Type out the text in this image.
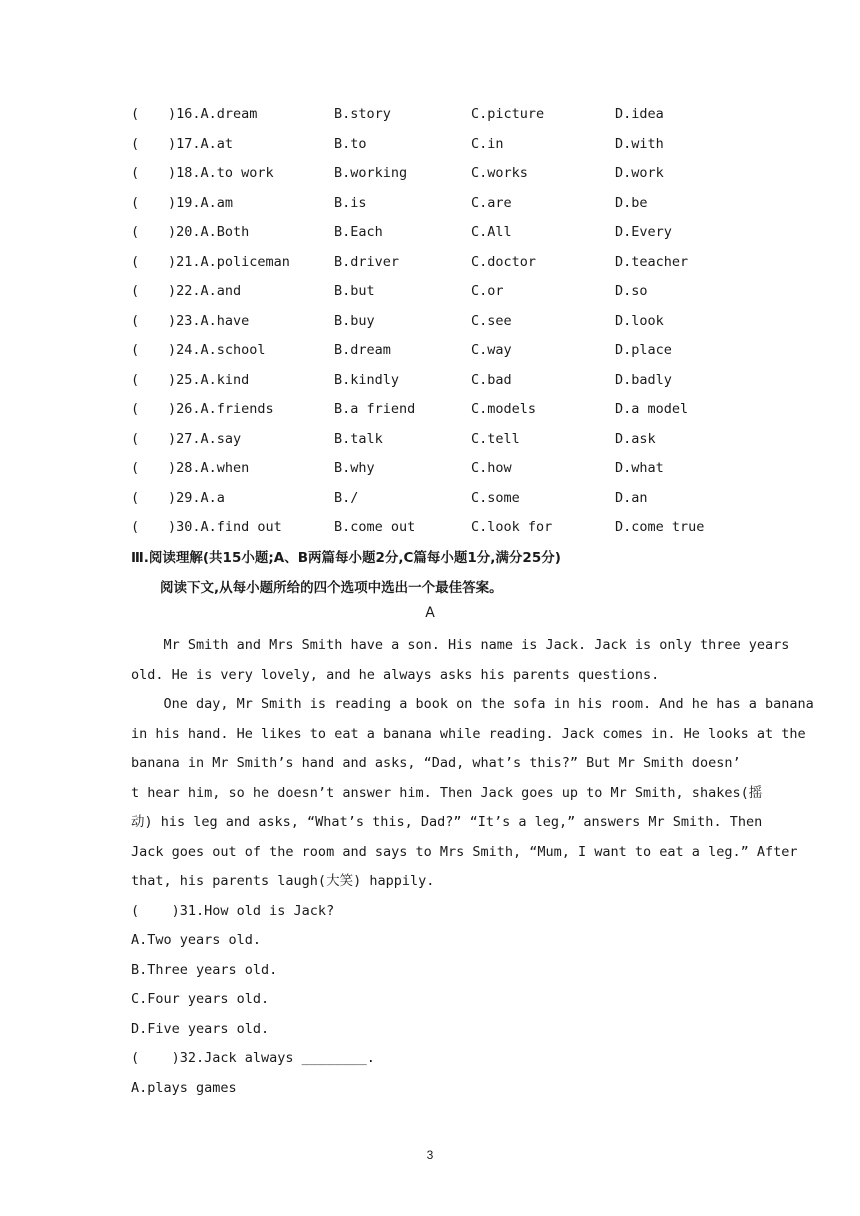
( )16.A.dream	B.story	C.picture	D.idea
( )17.A.at	B.to	C.in	D.with
( )18.A.to work	B.working	C.works	D.work
( )19.A.am	B.is	C.are	D.be
( )20.A.Both	B.Each	C.All	D.Every
( )21.A.policeman	B.driver	C.doctor	D.teacher
( )22.A.and	B.but	C.or	D.so
( )23.A.have	B.buy	C.see	D.look
( )24.A.school	B.dream	C.way	D.place
( )25.A.kind	B.kindly	C.bad	D.badly
( )26.A.friends	B.a friend	C.models	D.a model
( )27.A.say	B.talk	C.tell	D.ask
( )28.A.when	B.why	C.how	D.what
( )29.A.a	B./	C.some	D.an
( )30.A.find out	B.come out	C.look for	D.come true
Ⅲ.阅读理解(共15小题;A、B两篇每小题2分,C篇每小题1分,满分25分)
阅读下文,从每小题所给的四个选项中选出一个最佳答案。
A
Mr Smith and Mrs Smith have a son. His name is Jack. Jack is only three years
old. He is very lovely, and he always asks his parents questions.
One day, Mr Smith is reading a book on the sofa in his room. And he has a banana
in his hand. He likes to eat a banana while reading. Jack comes in. He looks at the
banana in Mr Smith’s hand and asks, “Dad, what’s this?” But Mr Smith doesn’
t hear him, so he doesn’t answer him. Then Jack goes up to Mr Smith, shakes(摇
动) his leg and asks, “What’s this, Dad?” “It’s a leg,” answers Mr Smith. Then
Jack goes out of the room and says to Mrs Smith, “Mum, I want to eat a leg.” After
that, his parents laugh(大笑) happily.
(    )31.How old is Jack?
A.Two years old.
B.Three years old.
C.Four years old.
D.Five years old.
(    )32.Jack always ________.
A.plays games
3
